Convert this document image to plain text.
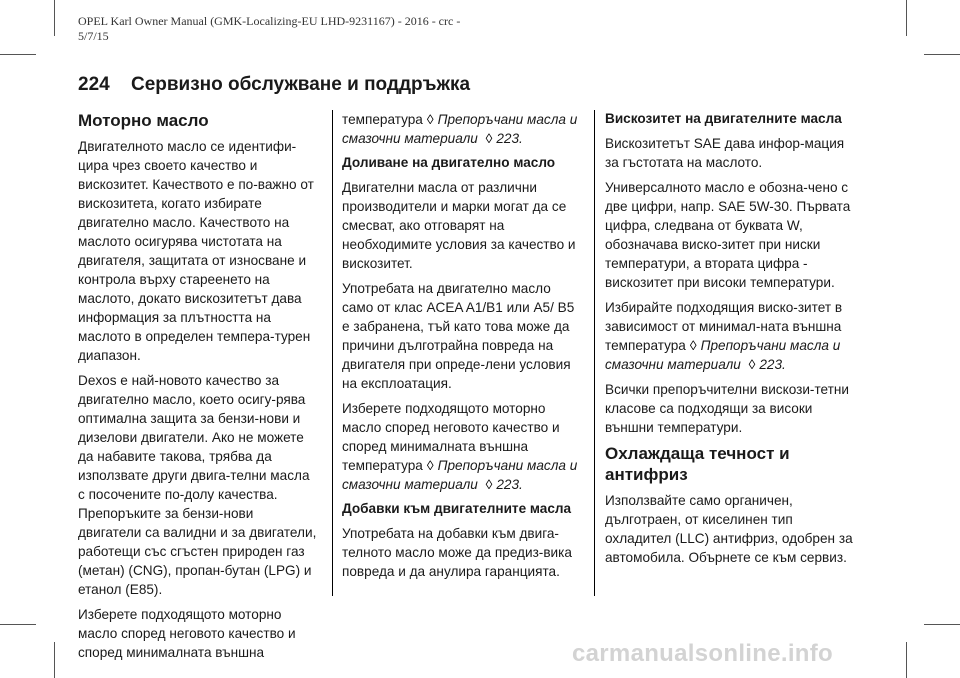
OPEL Karl Owner Manual (GMK-Localizing-EU LHD-9231167) - 2016 - crc -
5/7/15
224 Сервизно обслужване и поддръжка
Моторно масло

Двигателното масло се идентифи-цира чрез своето качество и вискозитет. Качеството е по-важно от вискозитета, когато избирате двигателно масло. Качеството на маслото осигурява чистотата на двигателя, защитата от износване и контрола върху стареенето на маслото, докато вискозитетът дава информация за плътността на маслото в определен темпера-турен диапазон.

Dexos е най-новото качество за двигателно масло, което осигу-рява оптимална защита за бензи-нови и дизелови двигатели. Ако не можете да набавите такова, трябва да използвате други двига-телни масла с посочените по-долу качества. Препоръките за бензи-нови двигатели са валидни и за двигатели, работещи със сгъстен природен газ (метан) (CNG), пропан-бутан (LPG) и етанол (E85).

Изберете подходящото моторно масло според неговото качество и според минималната външна

температура ◊ Препоръчани масла и смазочни материали ◊ 223.

Доливане на двигателно масло

Двигателни масла от различни производители и марки могат да се смесват, ако отговарят на необходимите условия за качество и вискозитет.

Употребата на двигателно масло само от клас ACEA A1/B1 или A5/ B5 е забранена, тъй като това може да причини дълготрайна повреда на двигателя при опреде-лени условия на експлоатация.

Изберете подходящото моторно масло според неговото качество и според минималната външна температура ◊ Препоръчани масла и смазочни материали ◊ 223.

Добавки към двигателните масла

Употребата на добавки към двига-телното масло може да предиз-вика повреда и да анулира гаранцията.

Вискозитет на двигателните масла

Вискозитетът SAE дава инфор-мация за гъстотата на маслото.

Универсалното масло е обозна-чено с две цифри, напр. SAE 5W-30. Първата цифра, следвана от буквата W, обозначава виско-зитет при ниски температури, а втората цифра - вискозитет при високи температури.

Избирайте подходящия виско-зитет в зависимост от минимал-ната външна температура ◊ Препоръчани масла и смазочни материали ◊ 223.

Всички препоръчителни вискози-тетни класове са подходящи за високи външни температури.

Охлаждаща течност и антифриз

Използвайте само органичен, дълготраен, от киселинен тип охладител (LLC) антифриз, одобрен за автомобила. Обърнете се към сервиз.

carmanualsonline.info
